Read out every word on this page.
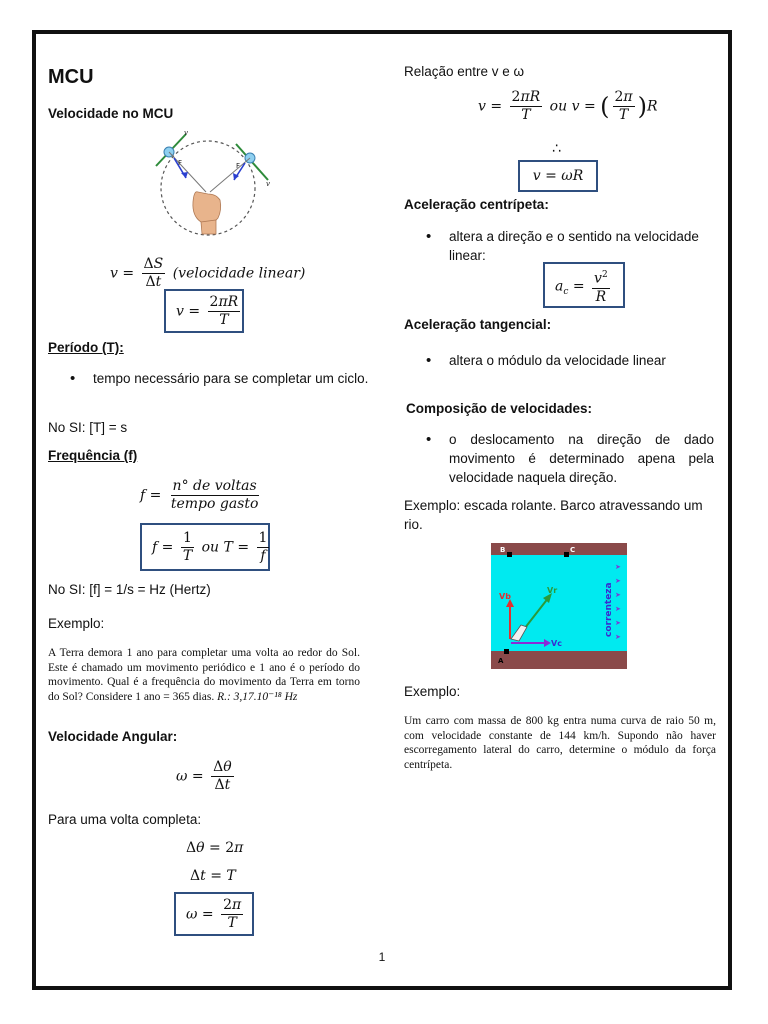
MCU
Velocidade no MCU
F	F
v
v
$v = \frac{\Delta S}{\Delta t}$ (velocidade linear)
$v = \frac{2\pi R}{T}$
Período (T):
• tempo necessário para se completar um ciclo.
No SI: [T] = s
Frequência (f)
$f = \frac{\text{n° de voltas}}{\text{tempo gasto}}$
$f = \frac{1}{T}$ ou $T = \frac{1}{f}$
No SI: [f] = 1/s = Hz (Hertz)
Exemplo:
A Terra demora 1 ano para completar uma volta ao redor do Sol. Este é chamado um movimento periódico e 1 ano é o período do movimento. Qual é a frequência do movimento da Terra em torno do Sol? Considere 1 ano = 365 dias. R.: 3,17.10⁻¹⁸ Hz
Velocidade Angular:
$\omega = \frac{\Delta\theta}{\Delta t}$
Para uma volta completa:
Δθ = 2π
Δt = T
$\omega = \frac{2\pi}{T}$
Relação entre v e ω
$v = \frac{2\pi R}{T}$ ou v = ( $\frac{2\pi}{T} )R$
∴
v = ωR
Aceleração centrípeta:
• altera a direção e o sentido na velocidade linear:
$a_c = \frac{v^2}{R}$
Aceleração tangencial:
• altera o módulo da velocidade linear
Composição de velocidades:
• o deslocamento na direção de dado movimento é determinado apena pela velocidade naquela direção.
Exemplo: escada rolante. Barco atravessando um rio.
B	C
A
Vb
Vr
Vc
➤
➤
➤
➤
➤
➤
correnteza
Exemplo:
Um carro com massa de 800 kg entra numa curva de raio 50 m, com velocidade constante de 144 km/h. Supondo não haver escorregamento lateral do carro, determine o módulo da força centrípeta.
1
